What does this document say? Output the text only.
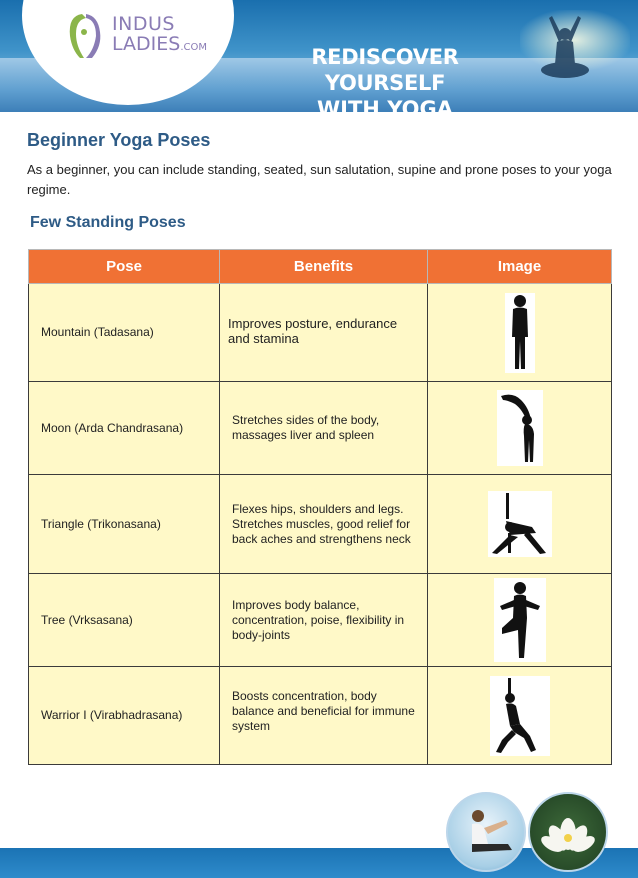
INDUS
LADIES.COM	REDISCOVER YOURSELF
WITH YOGA
Beginner Yoga Poses
As a beginner, you can include standing, seated, sun salutation, supine and prone poses to your yoga regime.
Few Standing Poses
Pose	Benefits	Image
Mountain (Tadasana)	Improves posture, endurance and stamina	
Moon (Arda Chandrasana)	Stretches sides of the body, massages liver and spleen	
Triangle (Trikonasana)	Flexes hips, shoulders and legs. Stretches muscles, good relief for back aches and strengthens neck	
Tree (Vrksasana)	Improves body balance, concentration, poise, flexibility in body-joints	
Warrior I (Virabhadrasana)	Boosts concentration, body balance and beneficial for immune system	
